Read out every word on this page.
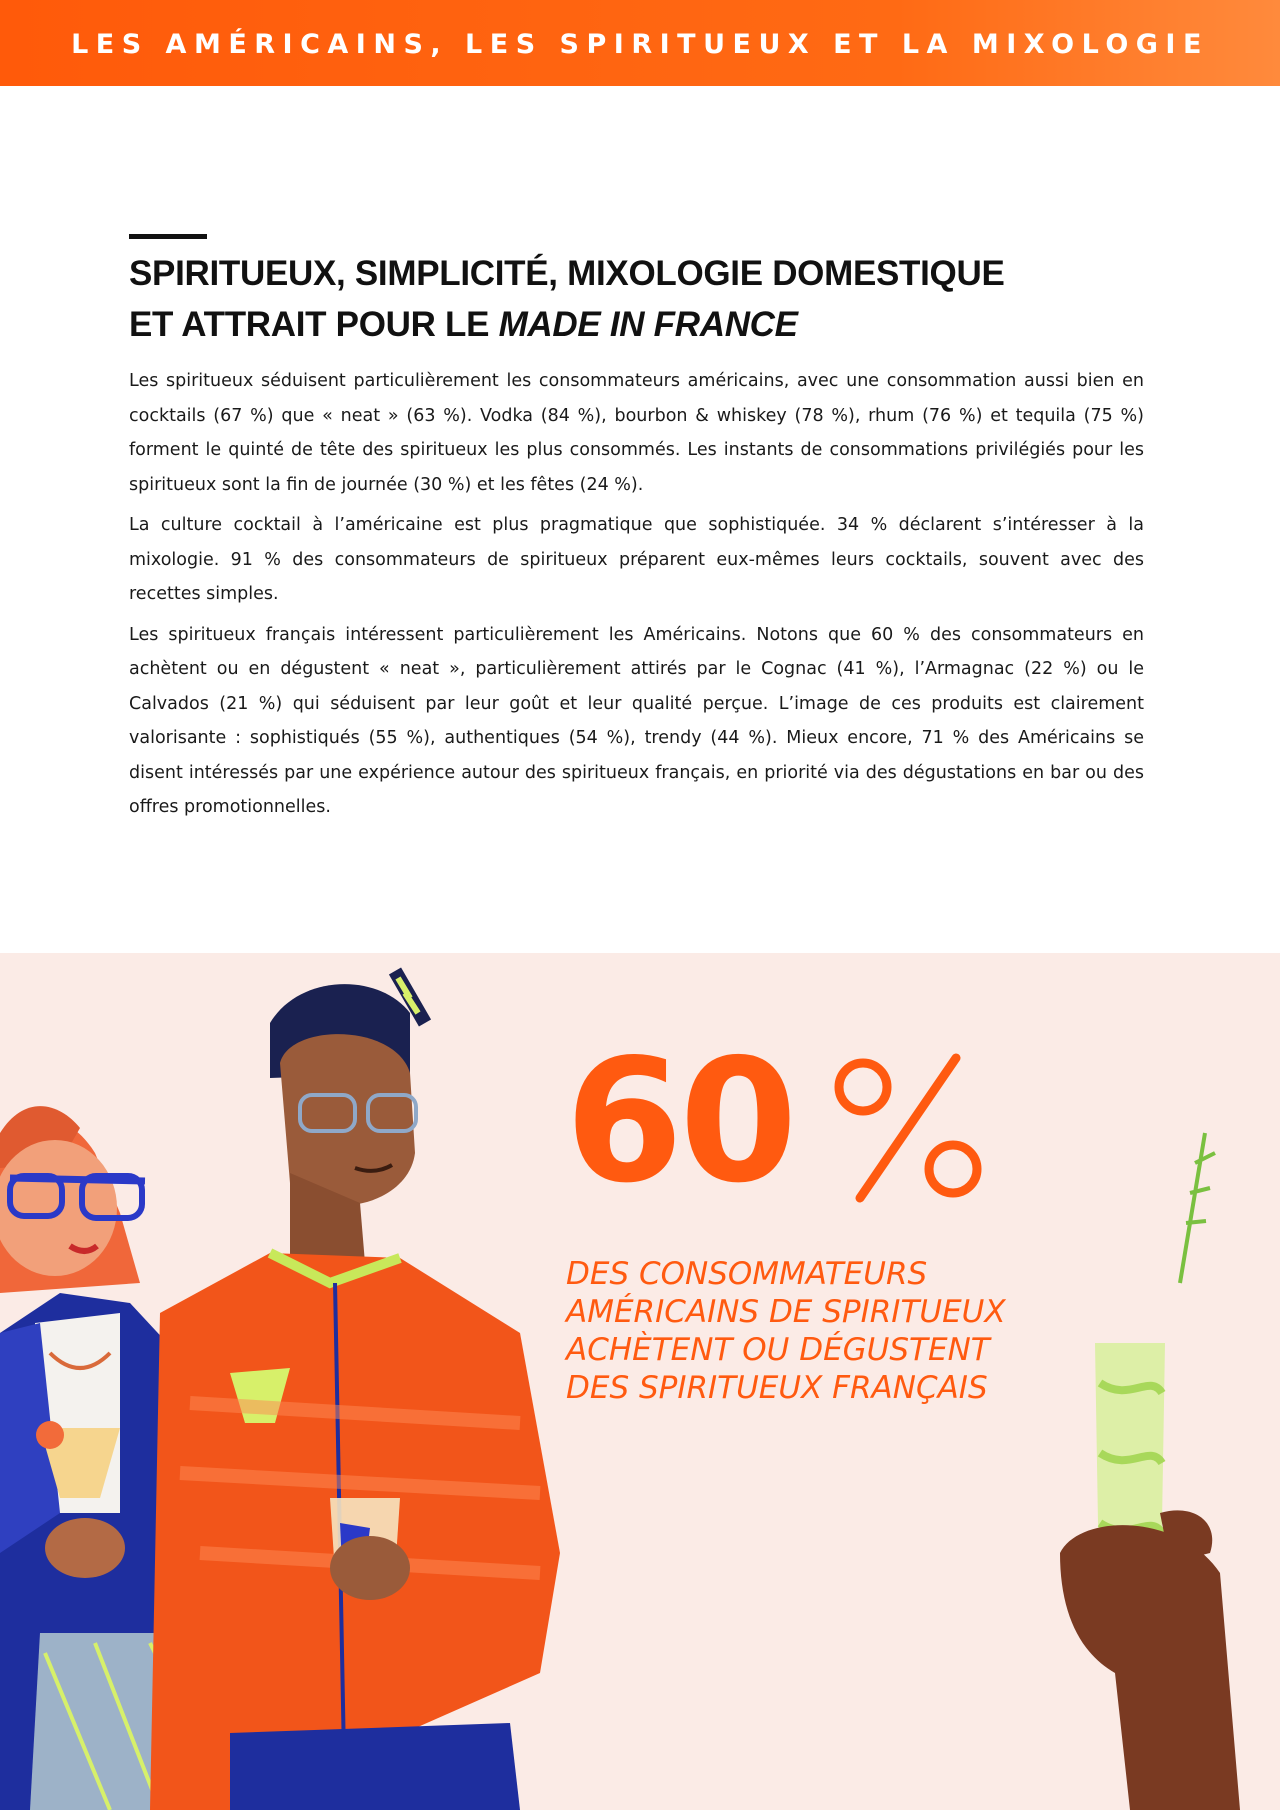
LES AMÉRICAINS, LES SPIRITUEUX ET LA MIXOLOGIE
SPIRITUEUX, SIMPLICITÉ, MIXOLOGIE DOMESTIQUE
ET ATTRAIT POUR LE MADE IN FRANCE

Les spiritueux séduisent particulièrement les consommateurs américains, avec une consommation aussi bien en cocktails (67 %) que « neat » (63 %). Vodka (84 %), bourbon & whiskey (78 %), rhum (76 %) et tequila (75 %) forment le quinté de tête des spiritueux les plus consommés. Les instants de consommations privilégiés pour les spiritueux sont la fin de journée (30 %) et les fêtes (24 %).

La culture cocktail à l’américaine est plus pragmatique que sophistiquée. 34 % déclarent s’intéresser à la mixologie. 91 % des consommateurs de spiritueux préparent eux-mêmes leurs cocktails, souvent avec des recettes simples.

Les spiritueux français intéressent particulièrement les Américains. Notons que 60 % des consommateurs en achètent ou en dégustent « neat », particulièrement attirés par le Cognac (41 %), l’Armagnac (22 %) ou le Calvados (21 %) qui séduisent par leur goût et leur qualité perçue. L’image de ces produits est clairement valorisante : sophistiqués (55 %), authentiques (54 %), trendy (44 %). Mieux encore, 71 % des Américains se disent intéressés par une expérience autour des spiritueux français, en priorité via des dégustations en bar ou des offres promotionnelles.

60
DES CONSOMMATEURS
AMÉRICAINS DE SPIRITUEUX
ACHÈTENT OU DÉGUSTENT
DES SPIRITUEUX FRANÇAIS
